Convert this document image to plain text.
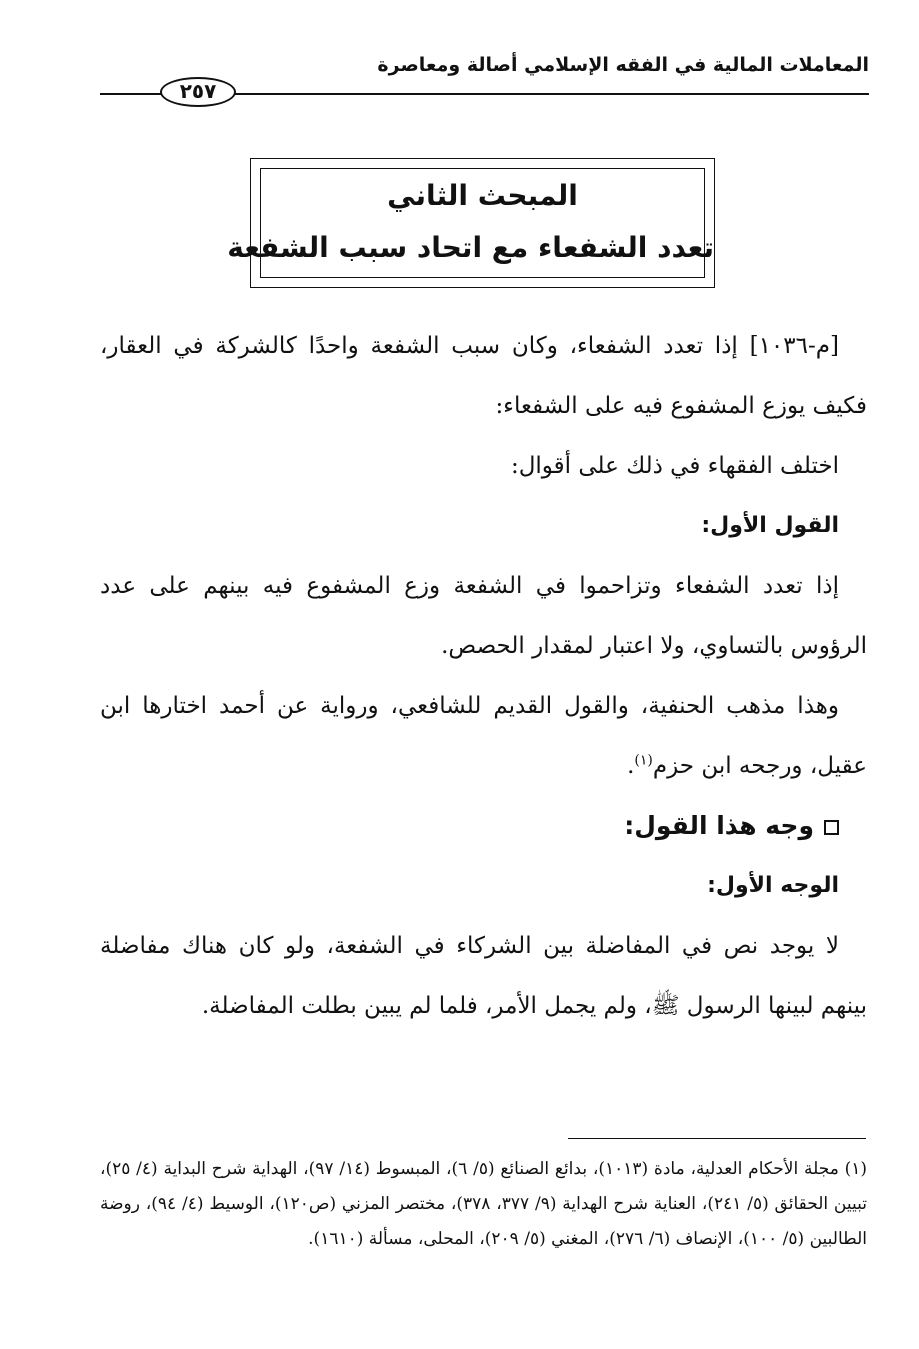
المعاملات المالية في الفقه الإسلامي أصالة ومعاصرة
٢٥٧
المبحث الثاني
تعدد الشفعاء مع اتحاد سبب الشفعة

[م-١٠٣٦] إذا تعدد الشفعاء، وكان سبب الشفعة واحدًا كالشركة في العقار، فكيف يوزع المشفوع فيه على الشفعاء:

اختلف الفقهاء في ذلك على أقوال:

القول الأول:

إذا تعدد الشفعاء وتزاحموا في الشفعة وزع المشفوع فيه بينهم على عدد الرؤوس بالتساوي، ولا اعتبار لمقدار الحصص.

وهذا مذهب الحنفية، والقول القديم للشافعي، ورواية عن أحمد اختارها ابن عقيل، ورجحه ابن حزم$^{(١)}$.

وجه هذا القول:

الوجه الأول:

لا يوجد نص في المفاضلة بين الشركاء في الشفعة، ولو كان هناك مفاضلة بينهم لبينها الرسول ﷺ، ولم يجمل الأمر، فلما لم يبين بطلت المفاضلة.

(١) مجلة الأحكام العدلية، مادة (١٠١٣)، بدائع الصنائع (٥/ ٦)، المبسوط (١٤/ ٩٧)، الهداية شرح البداية (٤/ ٢٥)، تبيين الحقائق (٥/ ٢٤١)، العناية شرح الهداية (٩/ ٣٧٧، ٣٧٨)، مختصر المزني (ص١٢٠)، الوسيط (٤/ ٩٤)، روضة الطالبين (٥/ ١٠٠)، الإنصاف (٦/ ٢٧٦)، المغني (٥/ ٢٠٩)، المحلى، مسألة (١٦١٠).
